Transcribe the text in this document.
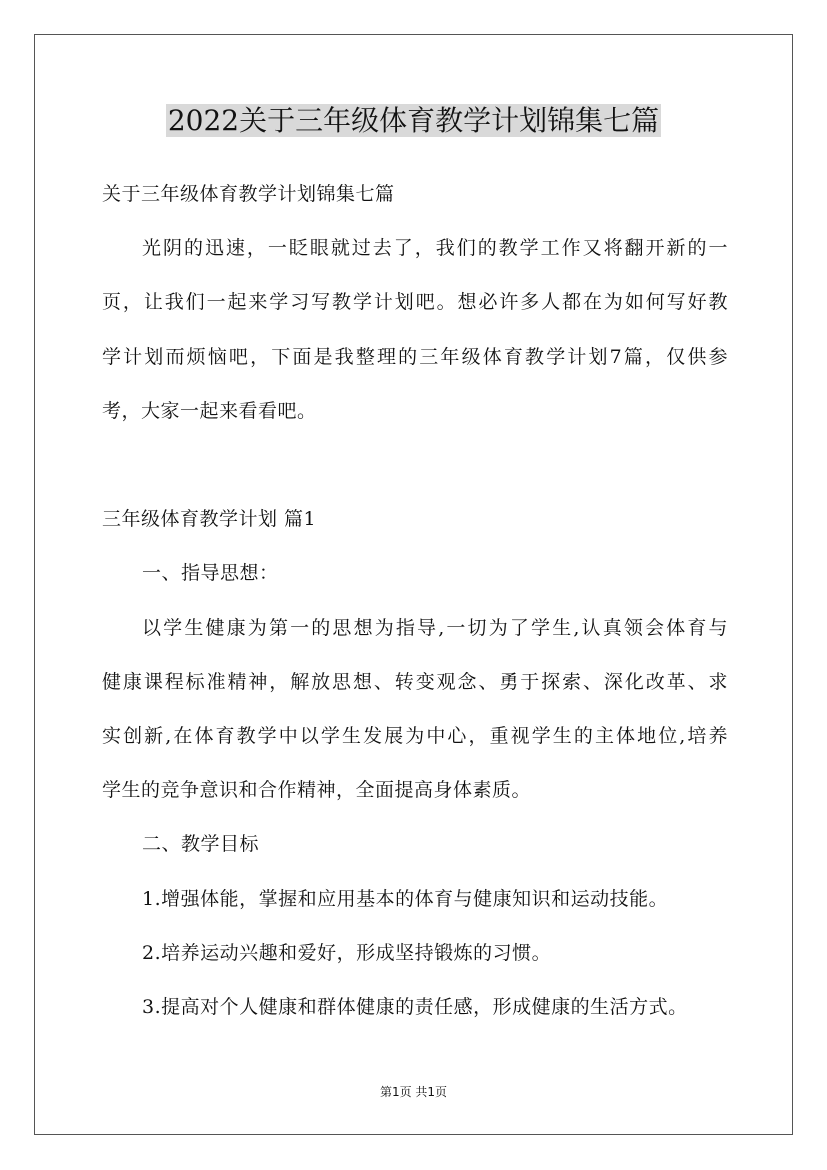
2022关于三年级体育教学计划锦集七篇
关于三年级体育教学计划锦集七篇
光阴的迅速，一眨眼就过去了，我们的教学工作又将翻开新的一
页，让我们一起来学习写教学计划吧。想必许多人都在为如何写好教
学计划而烦恼吧，下面是我整理的三年级体育教学计划7篇，仅供参
考，大家一起来看看吧。
三年级体育教学计划 篇1
一、指导思想：
以学生健康为第一的思想为指导,一切为了学生,认真领会体育与
健康课程标准精神，解放思想、转变观念、勇于探索、深化改革、求
实创新,在体育教学中以学生发展为中心，重视学生的主体地位,培养
学生的竞争意识和合作精神，全面提高身体素质。
二、教学目标
1.增强体能，掌握和应用基本的体育与健康知识和运动技能。
2.培养运动兴趣和爱好，形成坚持锻炼的习惯。
3.提高对个人健康和群体健康的责任感，形成健康的生活方式。
第1页 共1页
